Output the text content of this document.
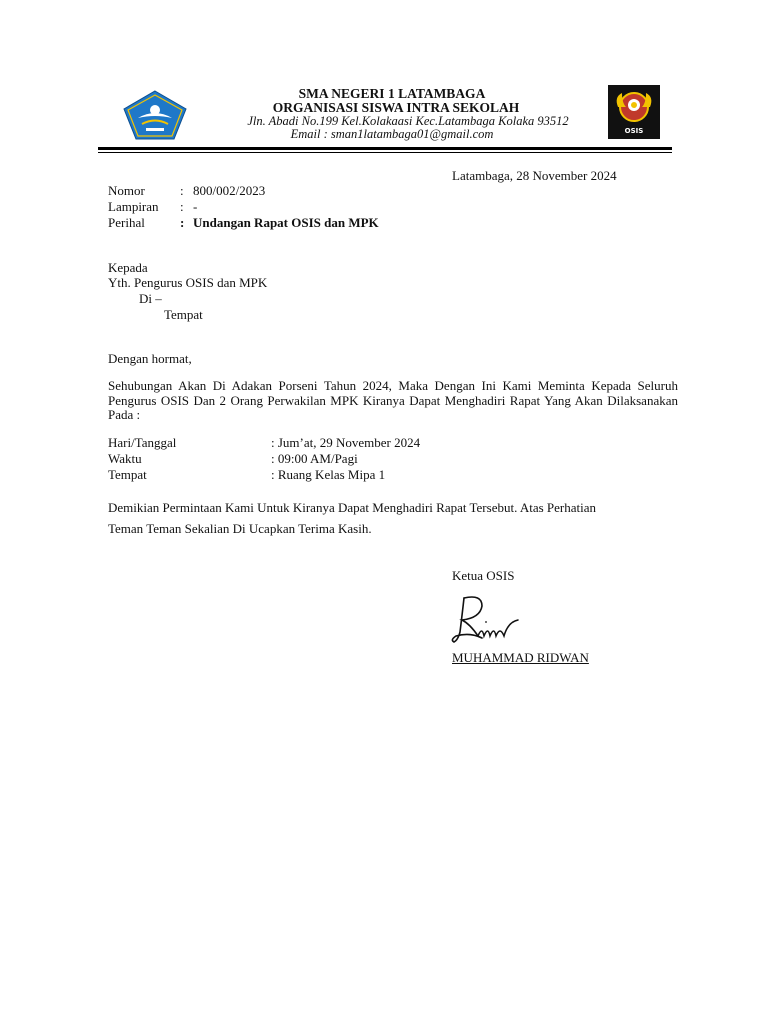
OSIS
SMA NEGERI 1 LATAMBAGA
ORGANISASI SISWA INTRA SEKOLAH
Jln. Abadi No.199 Kel.Kolakaasi Kec.Latambaga Kolaka 93512
Email : sman1latambaga01@gmail.com
Latambaga, 28 November 2024
Nomor	: 800/002/2023
Lampiran : -
Perihal	: Undangan Rapat OSIS dan MPK
Kepada
Yth. Pengurus OSIS dan MPK
Di –
Tempat
Dengan hormat,
Sehubungan Akan Di Adakan Porseni Tahun 2024, Maka Dengan Ini Kami Meminta Kepada Seluruh Pengurus OSIS Dan 2 Orang Perwakilan MPK Kiranya Dapat Menghadiri Rapat Yang Akan Dilaksanakan Pada :
Hari/Tanggal	: Jum’at, 29 November 2024
Waktu	: 09:00 AM/Pagi
Tempat	: Ruang Kelas Mipa 1
Demikian Permintaan Kami Untuk Kiranya Dapat Menghadiri Rapat Tersebut. Atas Perhatian
Teman Teman Sekalian Di Ucapkan Terima Kasih.
Ketua OSIS
MUHAMMAD RIDWAN
